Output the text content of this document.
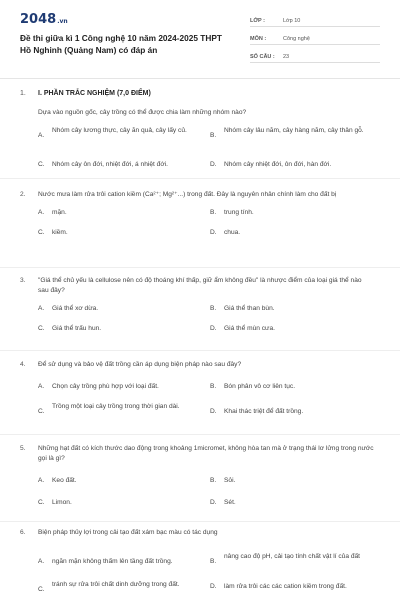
2048.vn
Đề thi giữa kì 1 Công nghệ 10 năm 2024-2025 THPT Hồ Nghinh (Quảng Nam) có đáp án
LỚP :	Lớp 10
MÔN :	Công nghệ
SỐ CÂU :	23
1. I. PHẦN TRẮC NGHIỆM (7,0 ĐIỂM)
Dựa vào nguồn gốc, cây trồng có thể được chia làm những nhóm nào?
A.
Nhóm cây lương thực, cây ăn quả, cây lấy củ.
B.
Nhóm cây lâu năm, cây hàng năm, cây thân gỗ.
C.	Nhóm cây ôn đới, nhiệt đới, á nhiệt đới.	D.	Nhóm cây nhiệt đới, ôn đới, hàn đới.
2.	Nước mưa làm rửa trôi cation kiềm (Ca²⁺; Mg²⁺...) trong đất. Đây là nguyên nhân chính làm cho đất bị
A.	mặn.	B.	trung tính.
C.	kiềm.	D.	chua.
3.	"Giá thể chủ yếu là cellulose nên có độ thoáng khí thấp, giữ ẩm không đều" là nhược điểm của loại giá thể nào sau đây?
A.	Giá thể xơ dừa.	B.	Giá thể than bùn.
C.	Giá thể trấu hun.	D.	Giá thể mùn cưa.
4.	Để sử dụng và bảo vệ đất trồng cần áp dụng biện pháp nào sau đây?
A.	Chọn cây trồng phù hợp với loại đất.	B.	Bón phân vô cơ liên tục.
C.
Trồng một loại cây trồng trong thời gian dài.
D.	Khai thác triệt để đất trồng.
5.	Những hạt đất có kích thước dao động trong khoảng 1micromet, không hòa tan mà ở trạng thái lơ lửng trong nước gọi là gì?
A.	Keo đất.	B.	Sỏi.
C.	Limon.	D.	Sét.
6.	Biện pháp thủy lợi trong cải tạo đất xám bạc màu có tác dụng
A.	ngăn mặn không thấm lên tầng đất trồng.	B.
nâng cao độ pH, cải tạo tính chất vật lí của đất
C.
tránh sự rửa trôi chất dinh dưỡng trong đất.	D.	làm rửa trôi các các cation kiềm trong đất.
